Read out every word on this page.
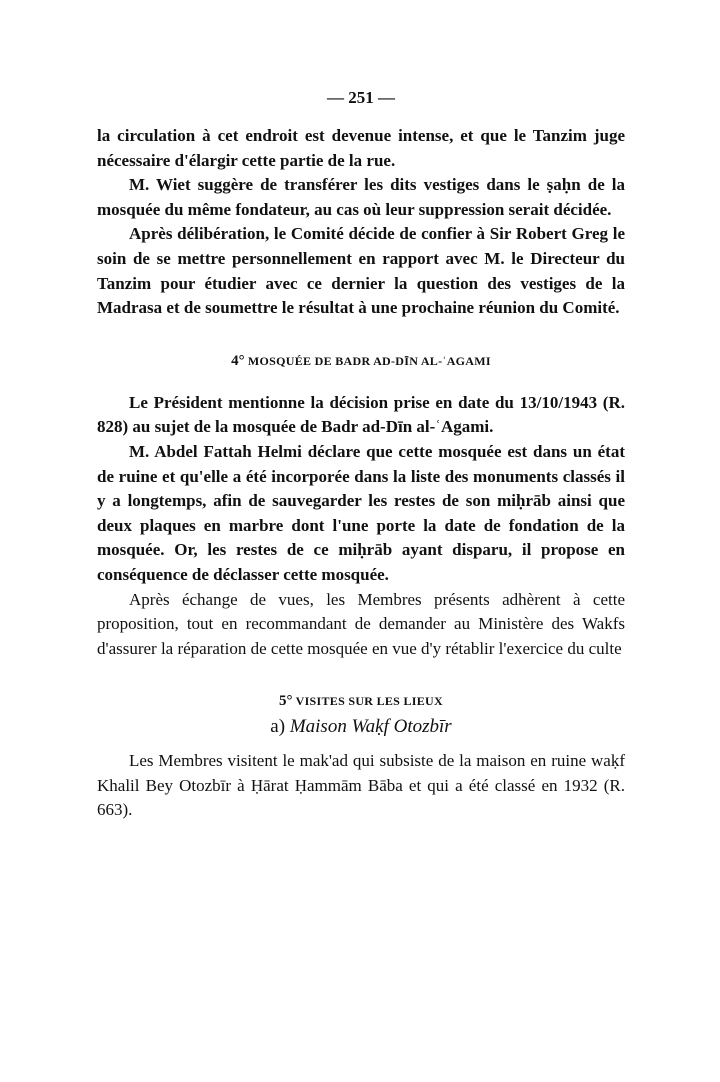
— 251 —

la circulation à cet endroit est devenue intense, et que le Tanzim juge nécessaire d'élargir cette partie de la rue.

M. Wiet suggère de transférer les dits vestiges dans le ṣaḥn de la mosquée du même fondateur, au cas où leur suppression serait décidée.

Après délibération, le Comité décide de confier à Sir Robert Greg le soin de se mettre personnellement en rapport avec M. le Directeur du Tanzim pour étudier avec ce dernier la question des vestiges de la Madrasa et de soumettre le résultat à une prochaine réunion du Comité.

4° MOSQUÉE DE BADR AD-DĪN AL-ʿAGAMI

Le Président mentionne la décision prise en date du 13/10/1943 (R. 828) au sujet de la mosquée de Badr ad-Dīn al-ʿAgami.

M. Abdel Fattah Helmi déclare que cette mosquée est dans un état de ruine et qu'elle a été incorporée dans la liste des monuments classés il y a longtemps, afin de sauvegarder les restes de son miḥrāb ainsi que deux plaques en marbre dont l'une porte la date de fondation de la mosquée. Or, les restes de ce miḥrāb ayant disparu, il propose en conséquence de déclasser cette mosquée.

Après échange de vues, les Membres présents adhèrent à cette proposition, tout en recommandant de demander au Ministère des Wakfs d'assurer la réparation de cette mosquée en vue d'y rétablir l'exercice du culte

5° VISITES SUR LES LIEUX
a) Maison Waḳf Otozbīr

Les Membres visitent le mak'ad qui subsiste de la maison en ruine waḳf Khalil Bey Otozbīr à Ḥārat Ḥammām Bāba et qui a été classé en 1932 (R. 663).
